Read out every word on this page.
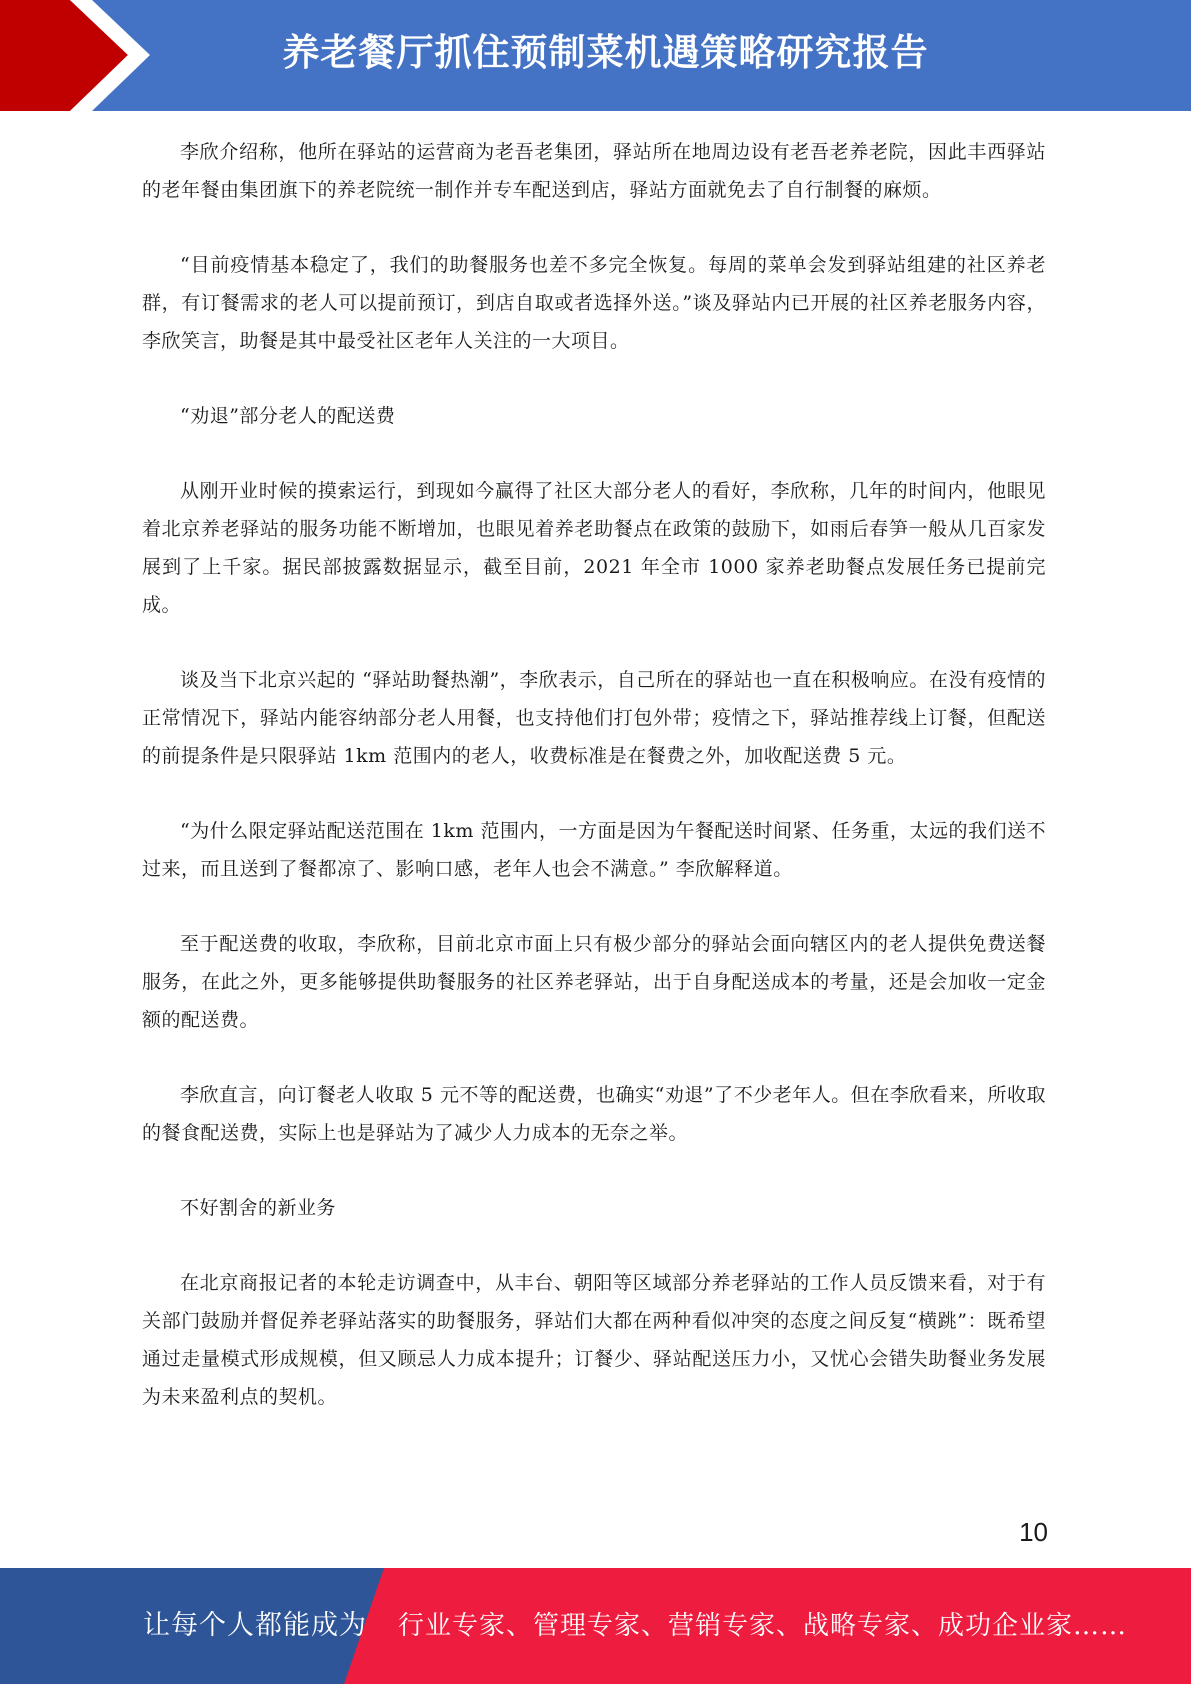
养老餐厅抓住预制菜机遇策略研究报告

李欣介绍称，他所在驿站的运营商为老吾老集团，驿站所在地周边设有老吾老养老院，因此丰西驿站的老年餐由集团旗下的养老院统一制作并专车配送到店，驿站方面就免去了自行制餐的麻烦。

“目前疫情基本稳定了，我们的助餐服务也差不多完全恢复。每周的菜单会发到驿站组建的社区养老群，有订餐需求的老人可以提前预订，到店自取或者选择外送。”谈及驿站内已开展的社区养老服务内容，李欣笑言，助餐是其中最受社区老年人关注的一大项目。

“劝退”部分老人的配送费

从刚开业时候的摸索运行，到现如今赢得了社区大部分老人的看好，李欣称，几年的时间内，他眼见着北京养老驿站的服务功能不断增加，也眼见着养老助餐点在政策的鼓励下，如雨后春笋一般从几百家发展到了上千家。据民部披露数据显示，截至目前，2021 年全市 1000 家养老助餐点发展任务已提前完成。

谈及当下北京兴起的 “驿站助餐热潮”，李欣表示，自己所在的驿站也一直在积极响应。在没有疫情的正常情况下，驿站内能容纳部分老人用餐，也支持他们打包外带；疫情之下，驿站推荐线上订餐，但配送的前提条件是只限驿站 1km 范围内的老人，收费标准是在餐费之外，加收配送费 5 元。

“为什么限定驿站配送范围在 1km 范围内，一方面是因为午餐配送时间紧、任务重，太远的我们送不过来，而且送到了餐都凉了、影响口感，老年人也会不满意。” 李欣解释道。

至于配送费的收取，李欣称，目前北京市面上只有极少部分的驿站会面向辖区内的老人提供免费送餐服务，在此之外，更多能够提供助餐服务的社区养老驿站，出于自身配送成本的考量，还是会加收一定金额的配送费。

李欣直言，向订餐老人收取 5 元不等的配送费，也确实“劝退”了不少老年人。但在李欣看来，所收取的餐食配送费，实际上也是驿站为了减少人力成本的无奈之举。

不好割舍的新业务

在北京商报记者的本轮走访调查中，从丰台、朝阳等区域部分养老驿站的工作人员反馈来看，对于有关部门鼓励并督促养老驿站落实的助餐服务，驿站们大都在两种看似冲突的态度之间反复“横跳”：既希望通过走量模式形成规模，但又顾忌人力成本提升；订餐少、驿站配送压力小，又忧心会错失助餐业务发展为未来盈利点的契机。

10
让每个人都能成为 行业专家、管理专家、营销专家、战略专家、成功企业家……
